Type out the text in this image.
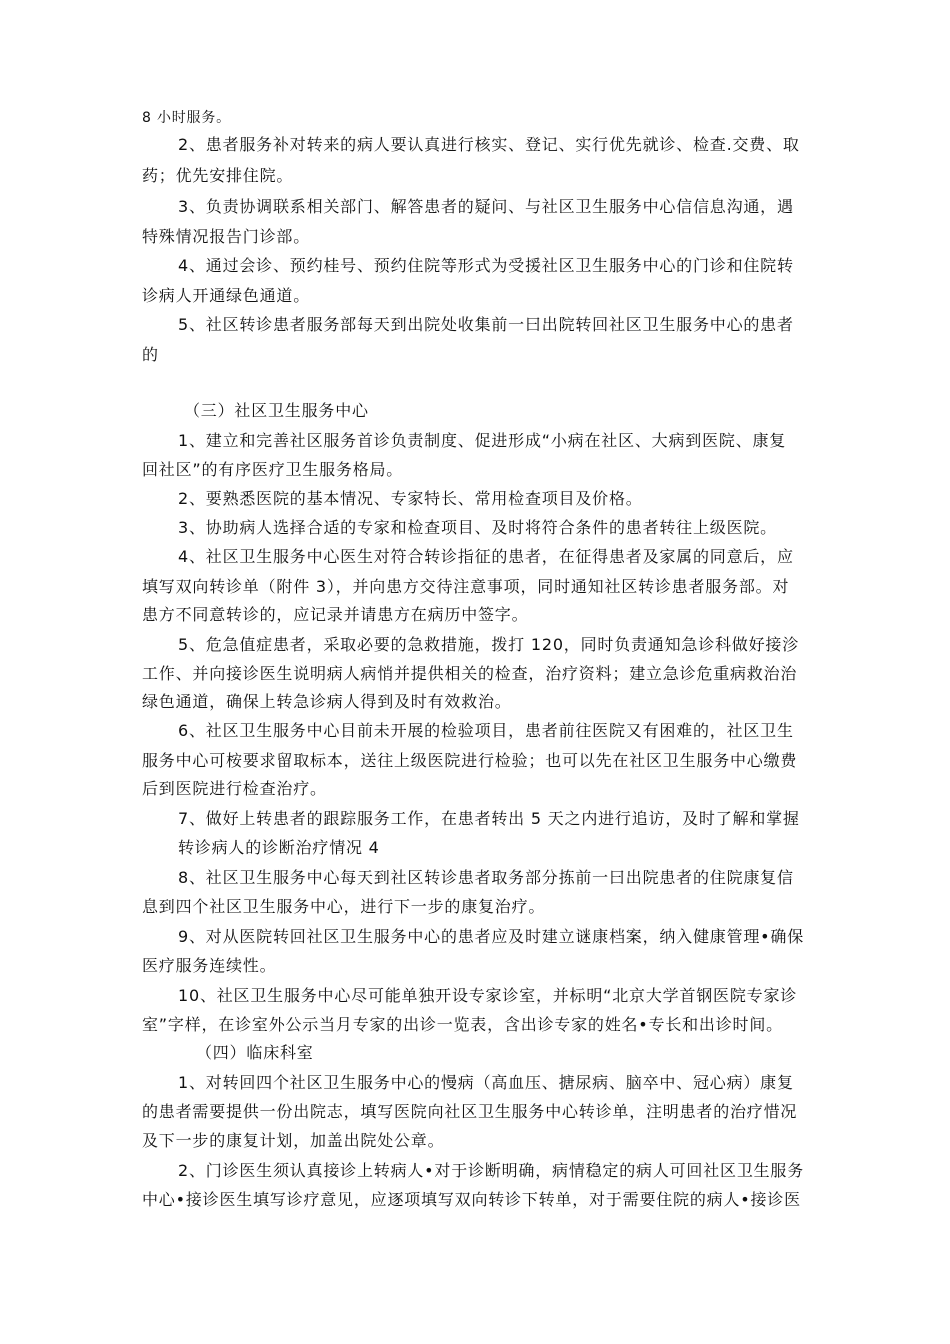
8 小时服务。
2、患者服务补对转来的病人要认真进行核实、登记、实行优先就诊、检查.交费、取
药；优先安排住院。
3、负责协调联系相关部门、解答患者的疑问、与社区卫生服务中心信信息沟通，遇
特殊情况报告门诊部。
4、通过会诊、预约桂号、预约住院等形式为受援社区卫生服务中心的门诊和住院转
诊病人开通绿色通道。
5、社区转诊患者服务部每天到出院处收集前一曰出院转回社区卫生服务中心的患者
的
（三）社区卫生服务中心
1、建立和完善社区服务首诊负责制度、促进形成“小病在社区、大病到医院、康复
回社区”的有序医疗卫生服务格局。
2、要熟悉医院的基本情况、专家特长、常用检查项目及价格。
3、协助病人选择合适的专家和检查项目、及时将符合条件的患者转往上级医院。
4、社区卫生服务中心医生对符合转诊指征的患者，在征得患者及家属的同意后，应
填写双向转诊单（附件 3），并向患方交待注意事项，同时通知社区转诊患者服务部。对
患方不同意转诊的，应记录并请患方在病历中签字。
5、危急值症患者，采取必要的急救措施，拨打 120，同时负责通知急诊科做好接沴
工作、并向接诊医生说明病人病悄并提供相关的检查，治疗资料；建立急诊危重病救治治
绿色通道，确保上转急诊病人得到及时有效救治。
6、社区卫生服务中心目前未开展的检验项目，患者前往医院又有困难的，社区卫生
服务中心可桉要求留取标本，送往上级医院进行检验；也可以先在社区卫生服务中心缴费
后到医院进行检查治疗。
7、做好上转患者的跟踪服务工作，在患者转出 5 天之内进行追访，及时了解和掌握
转诊病人的诊断治疗情况 4
8、社区卫生服务中心每天到社区转诊患者取务部分拣前一曰出院患者的住院康复信
息到四个社区卫生服务中心，进行下一步的康复治疗。
9、对从医院转回社区卫生服务中心的患者应及时建立谜康档案，纳入健康管理•确保
医疗服务连续性。
10、社区卫生服务中心尽可能单独开设专家诊室，并标明“北京大学首钢医院专家诊
室”字样，在诊室外公示当月专家的出诊一览表，含出诊专家的姓名•专长和出诊时间。
（四）临床科室
1、对转回四个社区卫生服务中心的慢病（高血压、搪尿病、脑卒中、冠心病）康复
的患者需要提供一份出院志，填写医院向社区卫生服务中心转诊单，注明患者的治疗惜况
及下一步的康复计划，加盖出院处公章。
2、门诊医生须认真接诊上转病人•对于诊断明确，病情稳定的病人可回社区卫生服务
中心•接诊医生填写诊疗意见，应逐项填写双向转诊下转单，对于需要住院的病人•接诊医
